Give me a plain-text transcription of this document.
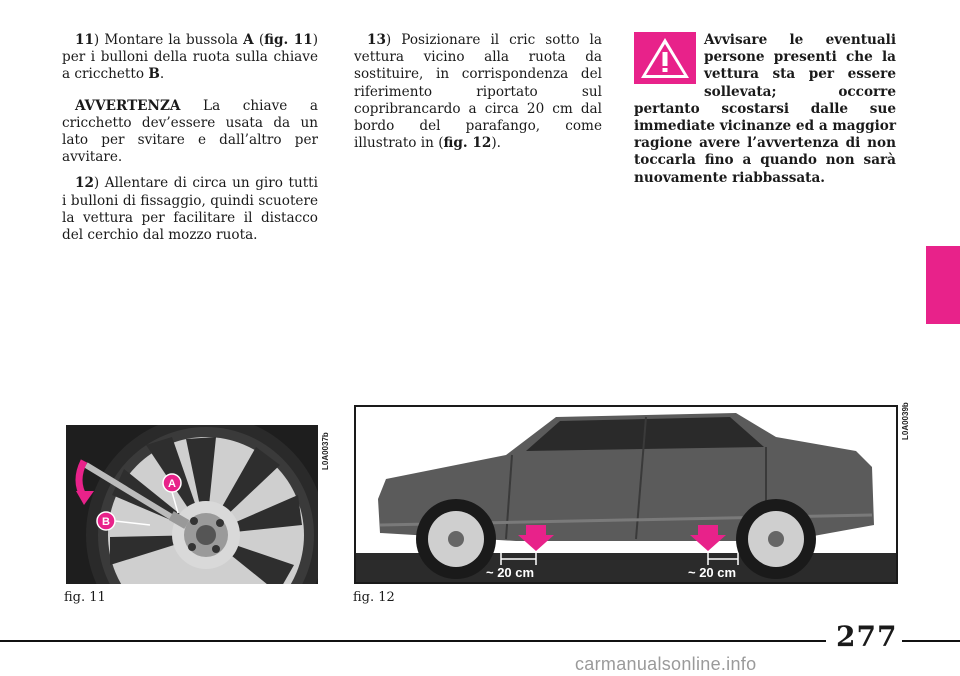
11) Montare la bussola A (fig. 11) per i bulloni della ruota sulla chiave a cricchetto B.

AVVERTENZA La chiave a cricchetto dev’essere usata da un lato per svitare e dall’altro per avvitare.

12) Allentare di circa un giro tutti i bulloni di fissaggio, quindi scuotere la vettura per facilitare il distacco del cerchio dal mozzo ruota.

13) Posizionare il cric sotto la vettura vicino alla ruota da sostituire, in corrispondenza del riferimento riportato sul copribrancardo a circa 20 cm dal bordo del parafango, come illustrato in (fig. 12).

Avvisare le eventuali persone presenti che la vettura sta per essere sollevata; occorre pertanto scostarsi dalle sue immediate vicinanze ed a maggior ragione avere l’avvertenza di non toccarla fino a quando non sarà nuovamente riabbassata.
A
B
L0A0037b
fig. 11
~ 20 cm	~ 20 cm
L0A0039b
fig. 12
277
carmanualsonline.info
